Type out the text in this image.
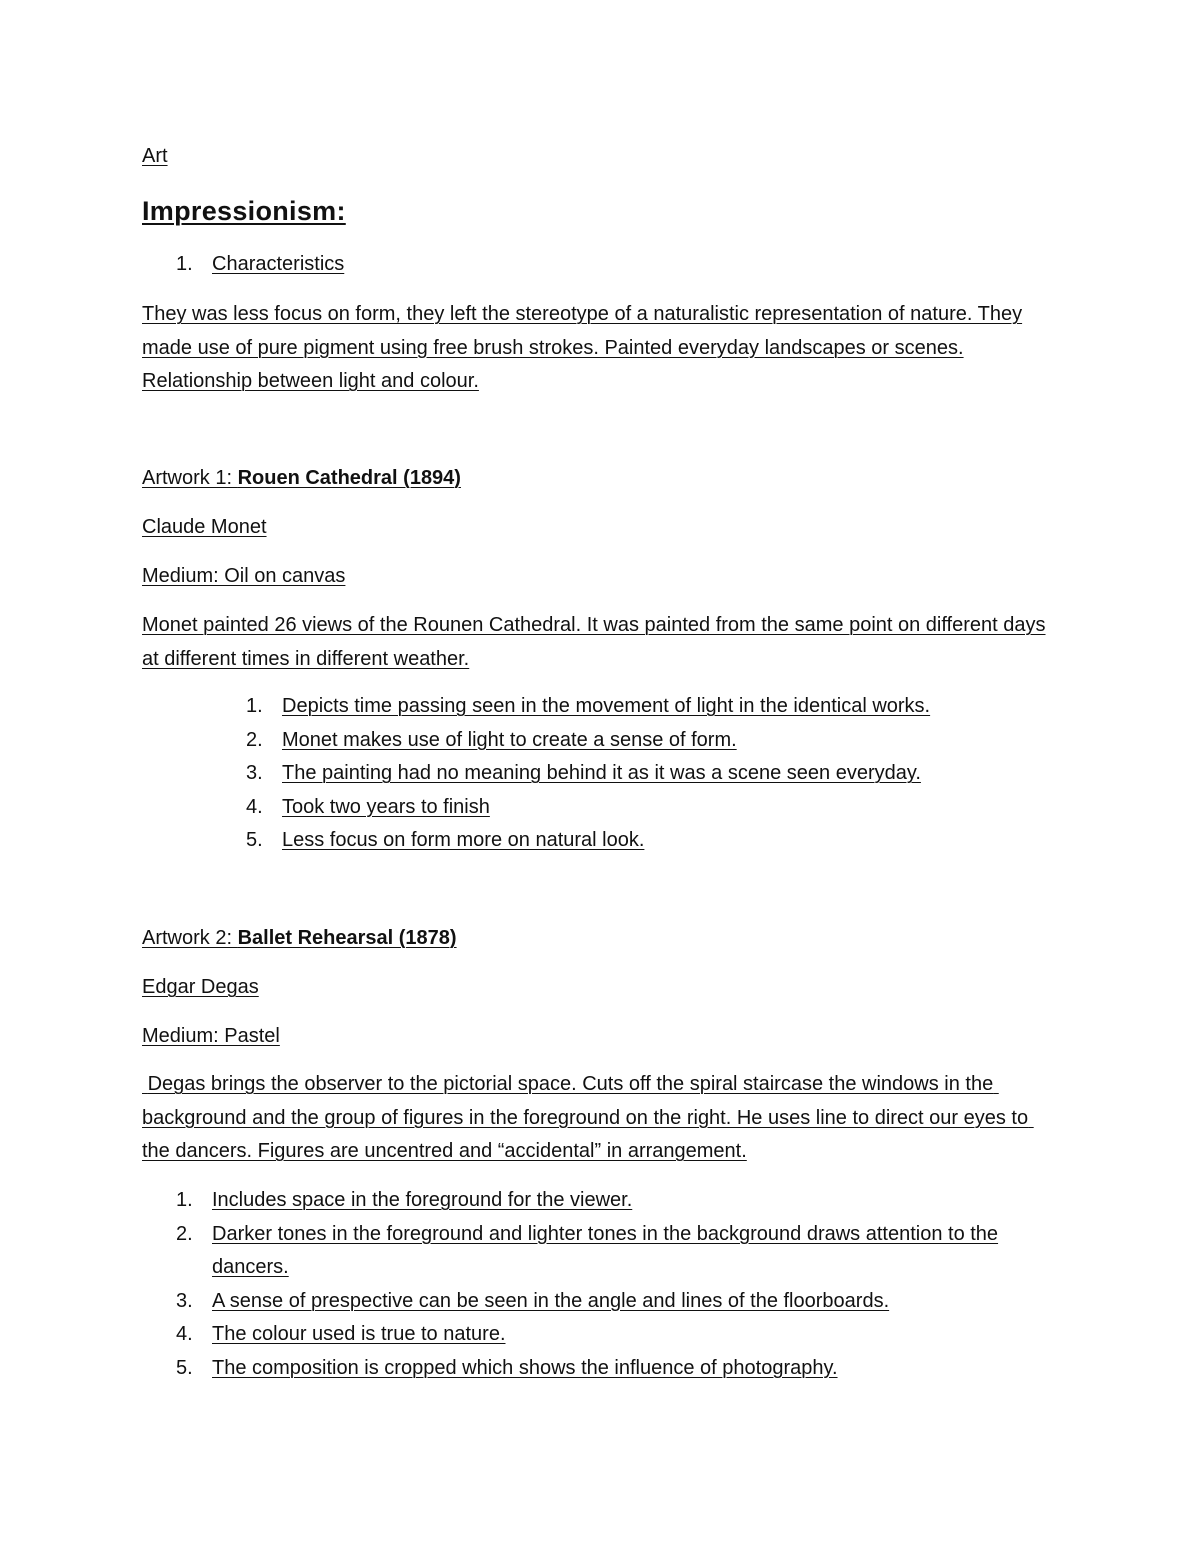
Art

Impressionism:

1. Characteristics

They was less focus on form, they left the stereotype of a naturalistic representation of nature. They made use of pure pigment using free brush strokes. Painted everyday landscapes or scenes. Relationship between light and colour.

Artwork 1: Rouen Cathedral (1894)

Claude Monet

Medium: Oil on canvas

Monet painted 26 views of the Rounen Cathedral. It was painted from the same point on different days at different times in different weather.

1. Depicts time passing seen in the movement of light in the identical works.
2. Monet makes use of light to create a sense of form.
3. The painting had no meaning behind it as it was a scene seen everyday.
4. Took two years to finish
5. Less focus on form more on natural look.

Artwork 2: Ballet Rehearsal (1878)

Edgar Degas

Medium: Pastel

Degas brings the observer to the pictorial space. Cuts off the spiral staircase the windows in the background and the group of figures in the foreground on the right. He uses line to direct our eyes to the dancers. Figures are uncentred and “accidental” in arrangement.

1. Includes space in the foreground for the viewer.
2. Darker tones in the foreground and lighter tones in the background draws attention to the dancers.
3. A sense of prespective can be seen in the angle and lines of the floorboards.
4. The colour used is true to nature.
5. The composition is cropped which shows the influence of photography.
